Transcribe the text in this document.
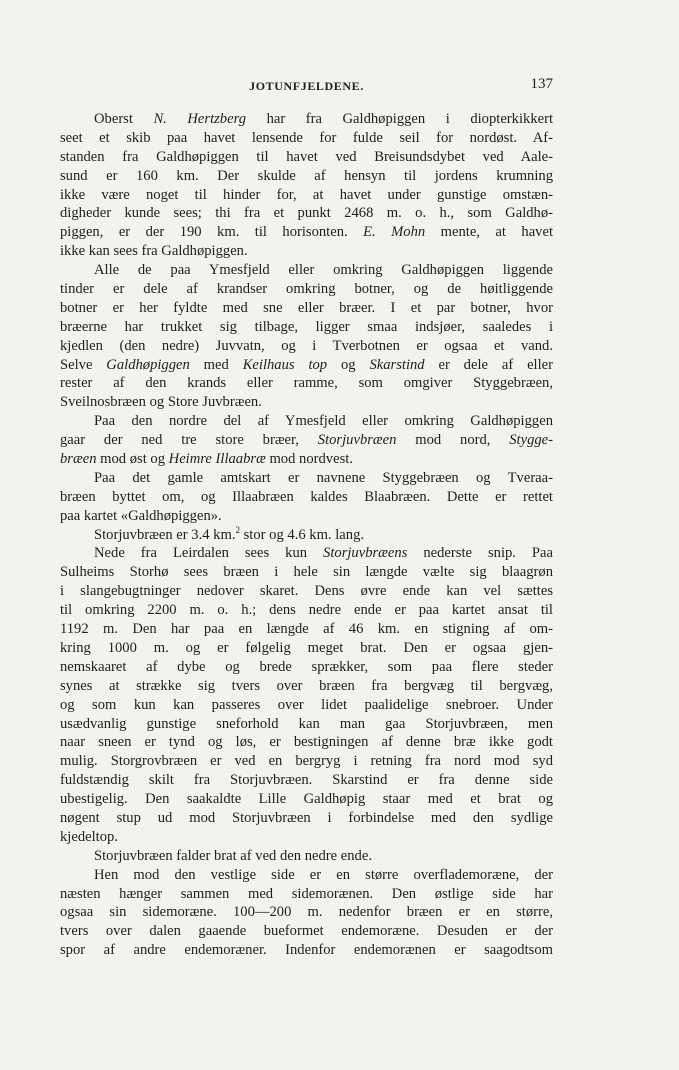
JOTUNFJELDENE.	137

Oberst N. Hertzberg har fra Galdhøpiggen i diopterkikkert
seet et skib paa havet lensende for fulde seil for nordøst. Af-
standen fra Galdhøpiggen til havet ved Breisundsdybet ved Aale-
sund er 160 km. Der skulde af hensyn til jordens krumning
ikke være noget til hinder for, at havet under gunstige omstæn-
digheder kunde sees; thi fra et punkt 2468 m. o. h., som Galdhø-
piggen, er der 190 km. til horisonten. E. Mohn mente, at havet
ikke kan sees fra Galdhøpiggen.

Alle de paa Ymesfjeld eller omkring Galdhøpiggen liggende
tinder er dele af krandser omkring botner, og de høitliggende
botner er her fyldte med sne eller bræer. I et par botner, hvor
bræerne har trukket sig tilbage, ligger smaa indsjøer, saaledes i
kjedlen (den nedre) Juvvatn, og i Tverbotnen er ogsaa et vand.
Selve Galdhøpiggen med Keilhaus top og Skarstind er dele af eller
rester af den krands eller ramme, som omgiver Styggebræen,
Sveilnosbræen og Store Juvbræen.

Paa den nordre del af Ymesfjeld eller omkring Galdhøpiggen
gaar der ned tre store bræer, Storjuvbræen mod nord, Stygge-
bræen mod øst og Heimre Illaabræ mod nordvest.

Paa det gamle amtskart er navnene Styggebræen og Tveraa-
bræen byttet om, og Illaabræen kaldes Blaabræen. Dette er rettet
paa kartet «Galdhøpiggen».

Storjuvbræen er 3.4 km.$^2$ stor og 4.6 km. lang.

Nede fra Leirdalen sees kun Storjuvbræens nederste snip. Paa
Sulheims Storhø sees bræen i hele sin længde vælte sig blaagrøn
i slangebugtninger nedover skaret. Dens øvre ende kan vel sættes
til omkring 2200 m. o. h.; dens nedre ende er paa kartet ansat til
1192 m. Den har paa en længde af 46 km. en stigning af om-
kring 1000 m. og er følgelig meget brat. Den er ogsaa gjen-
nemskaaret af dybe og brede sprækker, som paa flere steder
synes at strække sig tvers over bræen fra bergvæg til bergvæg,
og som kun kan passeres over lidet paalidelige snebroer. Under
usædvanlig gunstige sneforhold kan man gaa Storjuvbræen, men
naar sneen er tynd og løs, er bestigningen af denne bræ ikke godt
mulig. Storgrovbræen er ved en bergryg i retning fra nord mod syd
fuldstændig skilt fra Storjuvbræen. Skarstind er fra denne side
ubestigelig. Den saakaldte Lille Galdhøpig staar med et brat og
nøgent stup ud mod Storjuvbræen i forbindelse med den sydlige
kjedeltop.

Storjuvbræen falder brat af ved den nedre ende.

Hen mod den vestlige side er en større overflademoræne, der
næsten hænger sammen med sidemorænen. Den østlige side har
ogsaa sin sidemoræne. 100—200 m. nedenfor bræen er en større,
tvers over dalen gaaende bueformet endemoræne. Desuden er der
spor af andre endemoræner. Indenfor endemorænen er saagodtsom
